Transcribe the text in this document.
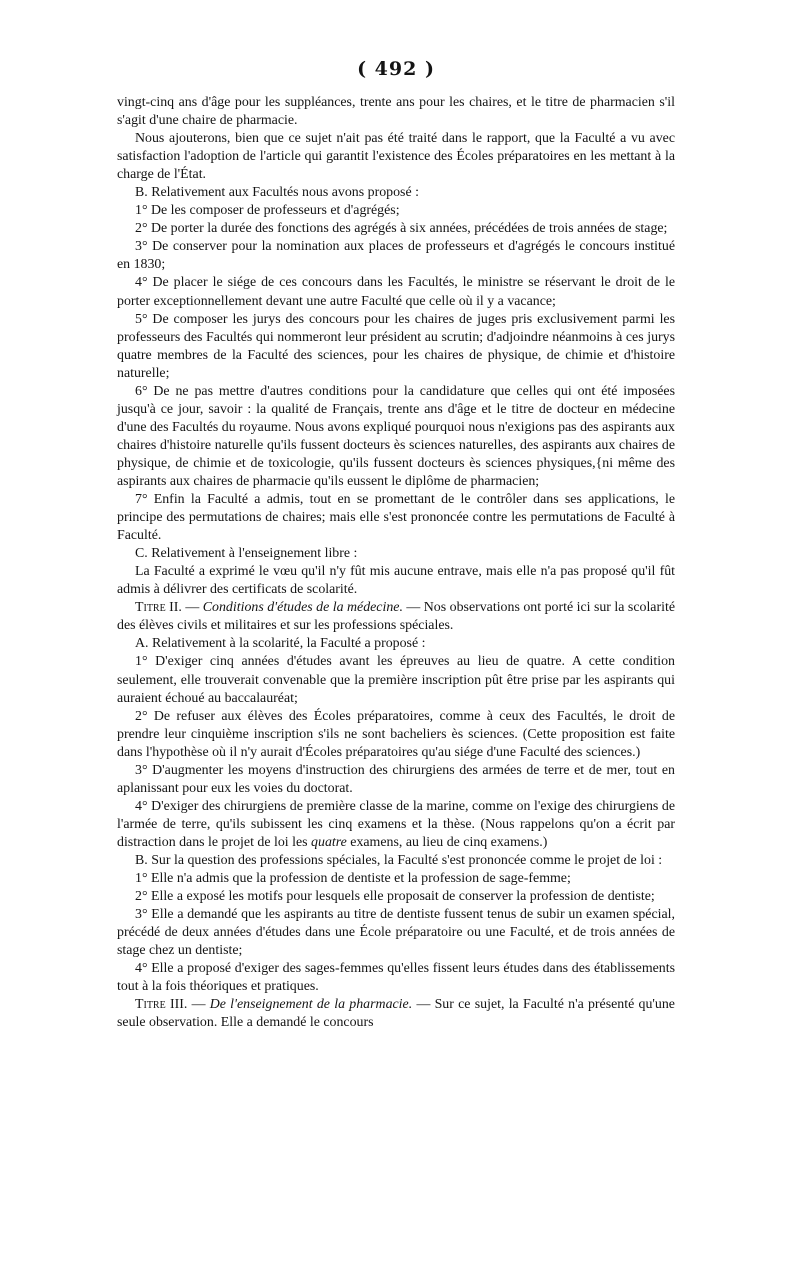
( 492 )

vingt-cinq ans d'âge pour les suppléances, trente ans pour les chaires, et le titre de pharmacien s'il s'agit d'une chaire de pharmacie.

Nous ajouterons, bien que ce sujet n'ait pas été traité dans le rapport, que la Faculté a vu avec satisfaction l'adoption de l'article qui garantit l'existence des Écoles préparatoires en les mettant à la charge de l'État.

B. Relativement aux Facultés nous avons proposé :

1° De les composer de professeurs et d'agrégés;

2° De porter la durée des fonctions des agrégés à six années, précédées de trois années de stage;

3° De conserver pour la nomination aux places de professeurs et d'agrégés le concours institué en 1830;

4° De placer le siége de ces concours dans les Facultés, le ministre se réservant le droit de le porter exceptionnellement devant une autre Faculté que celle où il y a vacance;

5° De composer les jurys des concours pour les chaires de juges pris exclusivement parmi les professeurs des Facultés qui nommeront leur président au scrutin; d'adjoindre néanmoins à ces jurys quatre membres de la Faculté des sciences, pour les chaires de physique, de chimie et d'histoire naturelle;

6° De ne pas mettre d'autres conditions pour la candidature que celles qui ont été imposées jusqu'à ce jour, savoir : la qualité de Français, trente ans d'âge et le titre de docteur en médecine d'une des Facultés du royaume. Nous avons expliqué pourquoi nous n'exigions pas des aspirants aux chaires d'histoire naturelle qu'ils fussent docteurs ès sciences naturelles, des aspirants aux chaires de physique, de chimie et de toxicologie, qu'ils fussent docteurs ès sciences physiques,{ni même des aspirants aux chaires de pharmacie qu'ils eussent le diplôme de pharmacien;

7° Enfin la Faculté a admis, tout en se promettant de le contrôler dans ses applications, le principe des permutations de chaires; mais elle s'est prononcée contre les permutations de Faculté à Faculté.

C. Relativement à l'enseignement libre :

La Faculté a exprimé le vœu qu'il n'y fût mis aucune entrave, mais elle n'a pas proposé qu'il fût admis à délivrer des certificats de scolarité.

Titre II. — Conditions d'études de la médecine. — Nos observations ont porté ici sur la scolarité des élèves civils et militaires et sur les professions spéciales.

A. Relativement à la scolarité, la Faculté a proposé :

1° D'exiger cinq années d'études avant les épreuves au lieu de quatre. A cette condition seulement, elle trouverait convenable que la première inscription pût être prise par les aspirants qui auraient échoué au baccalauréat;

2° De refuser aux élèves des Écoles préparatoires, comme à ceux des Facultés, le droit de prendre leur cinquième inscription s'ils ne sont bacheliers ès sciences. (Cette proposition est faite dans l'hypothèse où il n'y aurait d'Écoles préparatoires qu'au siége d'une Faculté des sciences.)

3° D'augmenter les moyens d'instruction des chirurgiens des armées de terre et de mer, tout en aplanissant pour eux les voies du doctorat.

4° D'exiger des chirurgiens de première classe de la marine, comme on l'exige des chirurgiens de l'armée de terre, qu'ils subissent les cinq examens et la thèse. (Nous rappelons qu'on a écrit par distraction dans le projet de loi les quatre examens, au lieu de cinq examens.)

B. Sur la question des professions spéciales, la Faculté s'est prononcée comme le projet de loi :

1° Elle n'a admis que la profession de dentiste et la profession de sage-femme;

2° Elle a exposé les motifs pour lesquels elle proposait de conserver la profession de dentiste;

3° Elle a demandé que les aspirants au titre de dentiste fussent tenus de subir un examen spécial, précédé de deux années d'études dans une École préparatoire ou une Faculté, et de trois années de stage chez un dentiste;

4° Elle a proposé d'exiger des sages-femmes qu'elles fissent leurs études dans des établissements tout à la fois théoriques et pratiques.

Titre III. — De l'enseignement de la pharmacie. — Sur ce sujet, la Faculté n'a présenté qu'une seule observation. Elle a demandé le concours
